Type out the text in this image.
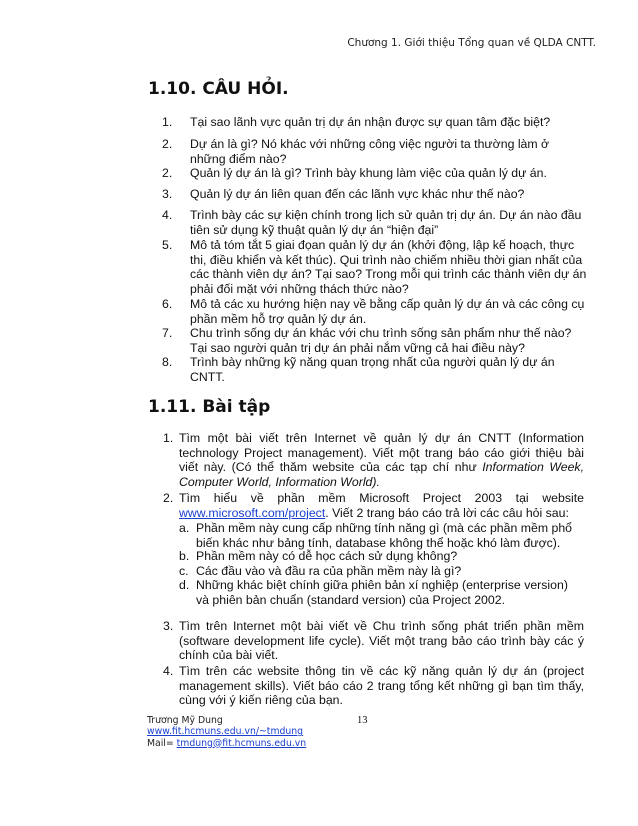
Chương 1. Giới thiệu Tổng quan về QLDA CNTT.
1.10. CÂU HỎI.
1.	Tại sao lãnh vực quản trị dự án nhận được sự quan tâm đặc biệt?
2.	Dự án là gì? Nó khác với những công việc người ta thường làm ở những điểm nào?
2.	Quản lý dự án là gì? Trình bày khung làm việc của quản lý dự án.
3.	Quản lý dự án liên quan đến các lãnh vực khác như thế nào?
4.	Trình bày các sự kiện chính trong lịch sử quản trị dự án. Dự án nào đầu tiên sử dụng kỹ thuật quản lý dự án “hiện đại”
5.	Mô tả tóm tắt 5 giai đọan quản lý dự án (khởi động, lập kế hoạch, thực thi, điều khiển và kết thúc). Qui trình nào chiếm nhiều thời gian nhất của các thành viên dự án? Tại sao? Trong mỗi qui trình các thành viên dự án phải đối mặt với những thách thức nào?
6.	Mô tả các xu hướng hiện nay về bằng cấp quản lý dự án và các công cụ phần mềm hỗ trợ quản lý dự án.
7.	Chu trình sống dự án khác với chu trình sống sản phẩm như thế nào? Tại sao người quản trị dự án phải nắm vững cả hai điều này?
8.	Trình bày những kỹ năng quan trọng nhất của người quản lý dự án CNTT.
1.11. Bài tập
1. Tìm một bài viết trên Internet về quản lý dự án CNTT (Information technology Project management). Viết một trang báo cáo giới thiệu bài viết này. (Có thể thăm website của các tạp chí như Information Week, Computer World, Information World).
2. Tìm hiểu về phần mềm Microsoft Project 2003 tại website www.microsoft.com/project. Viết 2 trang báo cáo trả lời các câu hỏi sau:
a. Phần mềm này cung cấp những tính năng gì (mà các phần mềm phổ biến khác như bảng tính, database không thể hoặc khó làm được).
b. Phần mềm này có dễ học cách sử dụng không?
c. Các đầu vào và đầu ra của phần mềm này là gì?
d. Những khác biệt chính giữa phiên bản xí nghiệp (enterprise version) và phiên bản chuẩn (standard version) của Project 2002.
3. Tìm trên Internet một bài viết về Chu trình sống phát triển phần mềm (software development life cycle). Viết một trang bảo cáo trình bày các ý chính của bài viết.
4. Tìm trên các website thông tin về các kỹ năng quản lý dự án (project management skills). Viết báo cáo 2 trang tổng kết những gì bạn tìm thấy, cùng với ý kiến riêng của bạn.
Trương Mỹ Dung
www.fit.hcmuns.edu.vn/~tmdung
Mail= tmdung@fit.hcmuns.edu.vn
13
